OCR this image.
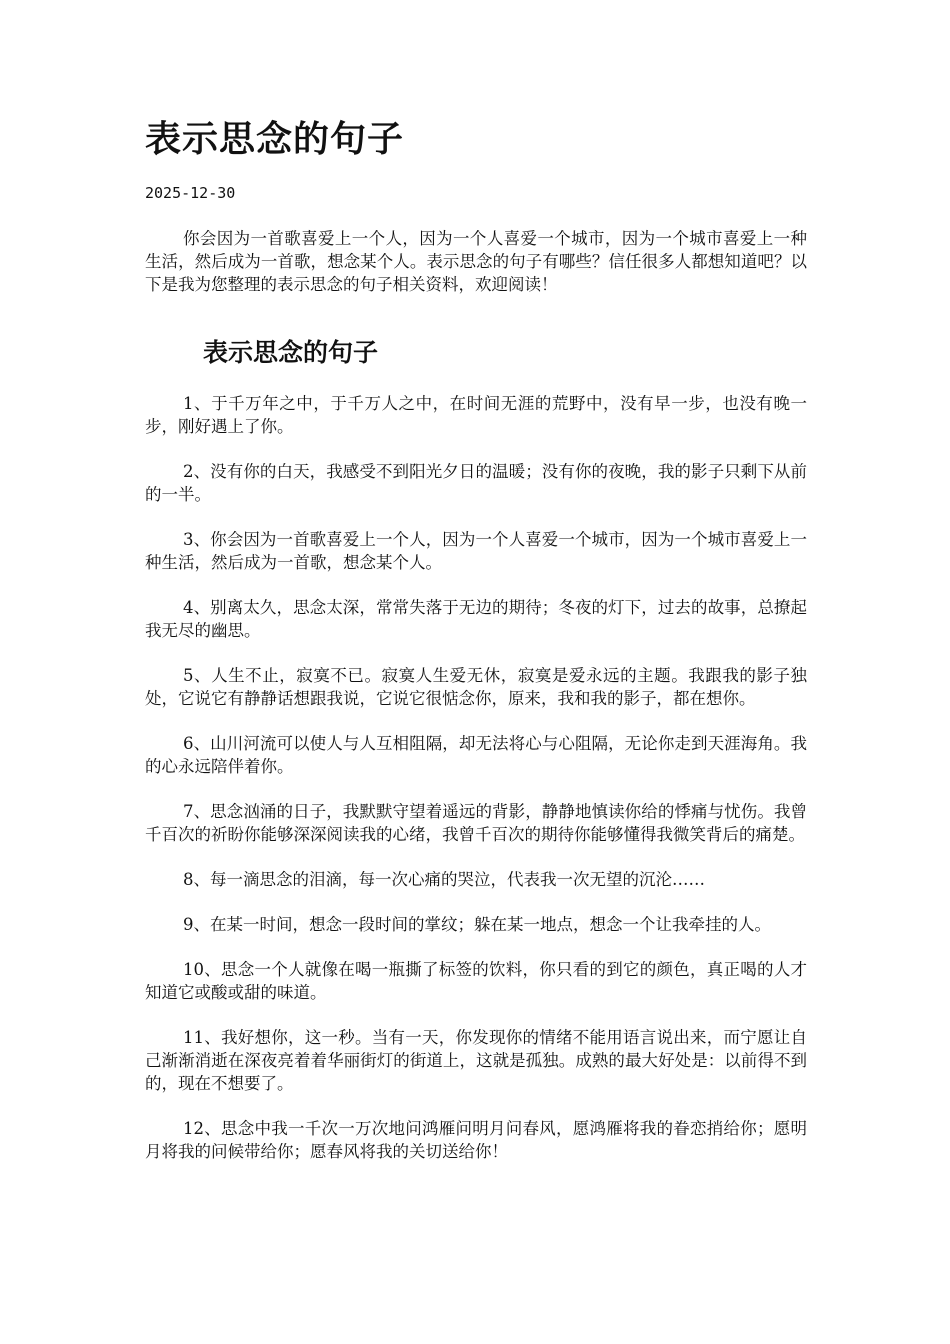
表示思念的句子
2025-12-30

你会因为一首歌喜爱上一个人，因为一个人喜爱一个城市，因为一个城市喜爱上一种生活，然后成为一首歌，想念某个人。表示思念的句子有哪些？信任很多人都想知道吧？以下是我为您整理的表示思念的句子相关资料，欢迎阅读！

表示思念的句子
1、于千万年之中，于千万人之中，在时间无涯的荒野中，没有早一步，也没有晚一步，刚好遇上了你。
2、没有你的白天，我感受不到阳光夕日的温暖；没有你的夜晚，我的影子只剩下从前的一半。
3、你会因为一首歌喜爱上一个人，因为一个人喜爱一个城市，因为一个城市喜爱上一种生活，然后成为一首歌，想念某个人。
4、别离太久，思念太深，常常失落于无边的期待；冬夜的灯下，过去的故事，总撩起我无尽的幽思。
5、人生不止，寂寞不已。寂寞人生爱无休，寂寞是爱永远的主题。我跟我的影子独处，它说它有静静话想跟我说，它说它很惦念你，原来，我和我的影子，都在想你。
6、山川河流可以使人与人互相阻隔，却无法将心与心阻隔，无论你走到天涯海角。我的心永远陪伴着你。
7、思念汹涌的日子，我默默守望着遥远的背影，静静地慎读你给的悸痛与忧伤。我曾千百次的祈盼你能够深深阅读我的心绪，我曾千百次的期待你能够懂得我微笑背后的痛楚。
8、每一滴思念的泪滴，每一次心痛的哭泣，代表我一次无望的沉沦……
9、在某一时间，想念一段时间的掌纹；躲在某一地点，想念一个让我牵挂的人。
10、思念一个人就像在喝一瓶撕了标签的饮料，你只看的到它的颜色，真正喝的人才知道它或酸或甜的味道。
11、我好想你，这一秒。当有一天，你发现你的情绪不能用语言说出来，而宁愿让自己渐渐消逝在深夜亮着着华丽街灯的街道上，这就是孤独。成熟的最大好处是：以前得不到的，现在不想要了。
12、思念中我一千次一万次地问鸿雁问明月问春风，愿鸿雁将我的眷恋捎给你；愿明月将我的问候带给你；愿春风将我的关切送给你！
